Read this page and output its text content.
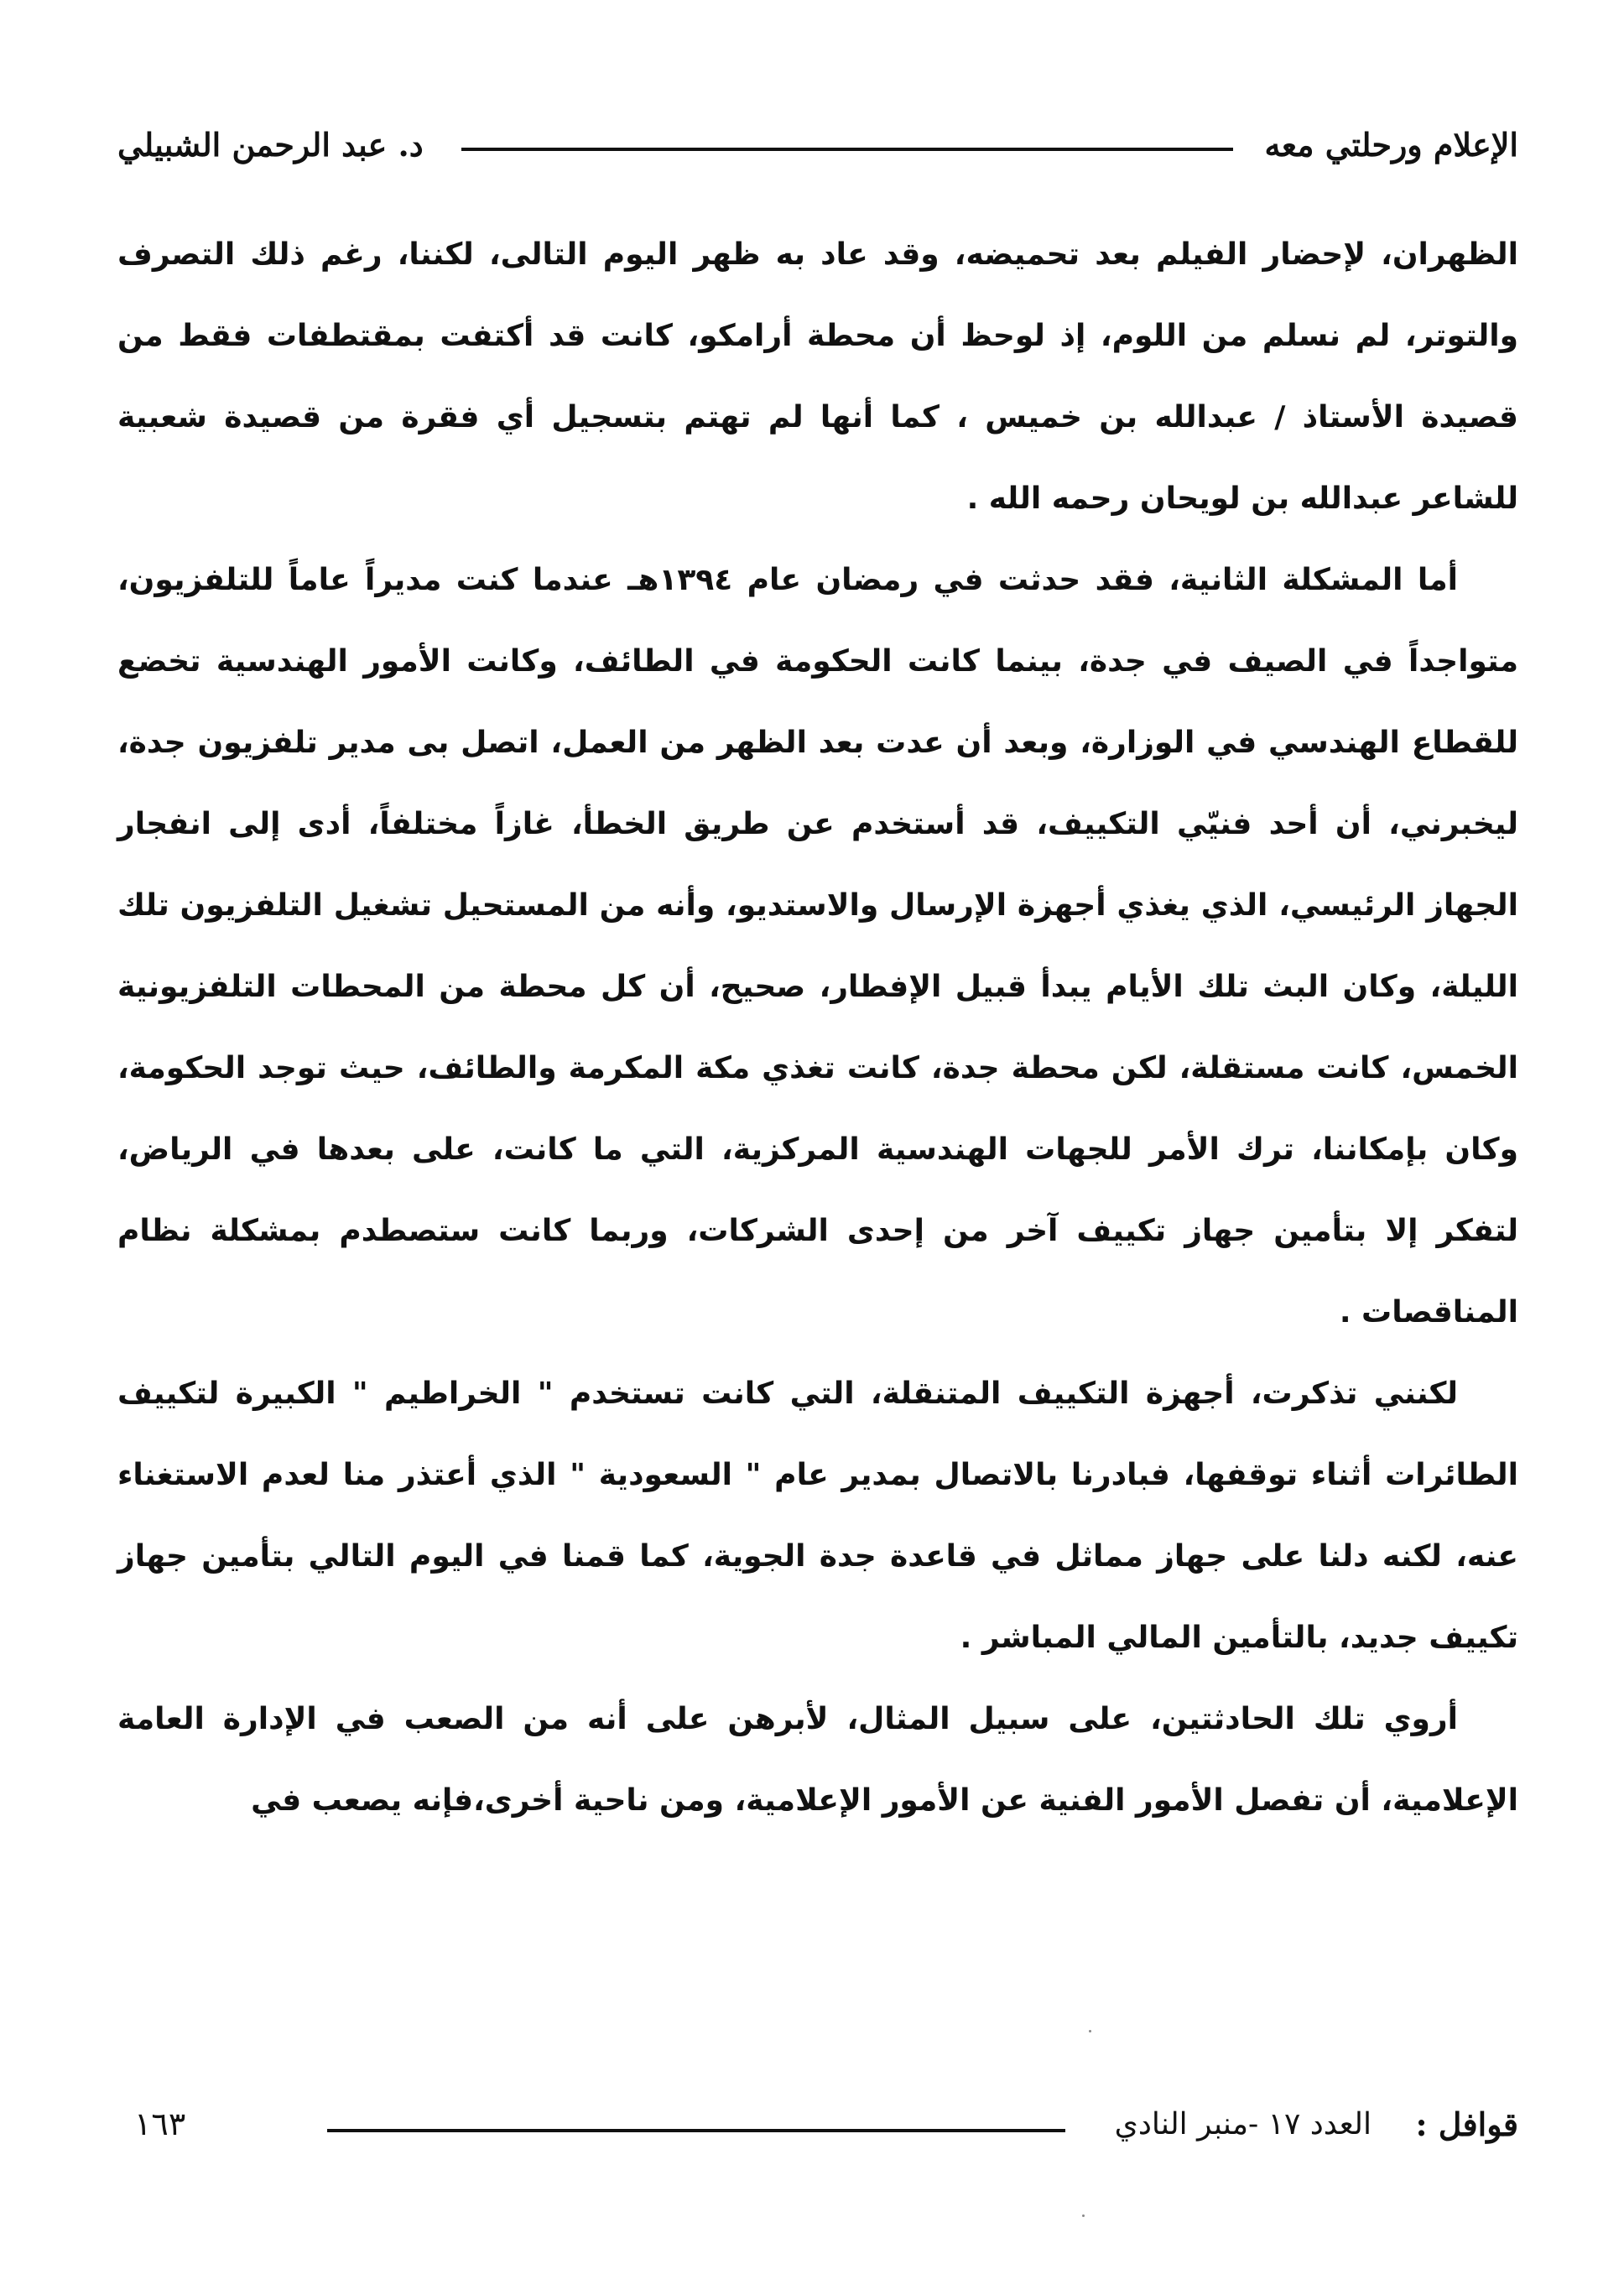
الإعلام ورحلتي معه
د. عبد الرحمن الشبيلي

الظهران، لإحضار الفيلم بعد تحميضه، وقد عاد به ظهر اليوم التالى، لكننا، رغم ذلك التصرف والتوتر، لم نسلم من اللوم، إذ لوحظ أن محطة أرامكو، كانت قد أكتفت بمقتطفات فقط من قصيدة الأستاذ / عبدالله بن خميس ، كما أنها لم تهتم بتسجيل أي فقرة من قصيدة شعبية للشاعر عبدالله بن لويحان رحمه الله .

أما المشكلة الثانية، فقد حدثت في رمضان عام ١٣٩٤هـ عندما كنت مديراً عاماً للتلفزيون، متواجداً في الصيف في جدة، بينما كانت الحكومة في الطائف، وكانت الأمور الهندسية تخضع للقطاع الهندسي في الوزارة، وبعد أن عدت بعد الظهر من العمل، اتصل بى مدير تلفزيون جدة، ليخبرني، أن أحد فنيّي التكييف، قد أستخدم عن طريق الخطأ، غازاً مختلفاً، أدى إلى انفجار الجهاز الرئيسي، الذي يغذي أجهزة الإرسال والاستديو، وأنه من المستحيل تشغيل التلفزيون تلك الليلة، وكان البث تلك الأيام يبدأ قبيل الإفطار، صحيح، أن كل محطة من المحطات التلفزيونية الخمس، كانت مستقلة، لكن محطة جدة، كانت تغذي مكة المكرمة والطائف، حيث توجد الحكومة، وكان بإمكاننا، ترك الأمر للجهات الهندسية المركزية، التي ما كانت، على بعدها في الرياض، لتفكر إلا بتأمين جهاز تكييف آخر من إحدى الشركات، وربما كانت ستصطدم بمشكلة نظام المناقصات .

لكنني تذكرت، أجهزة التكييف المتنقلة، التي كانت تستخدم " الخراطيم " الكبيرة لتكييف الطائرات أثناء توقفها، فبادرنا بالاتصال بمدير عام " السعودية " الذي أعتذر منا لعدم الاستغناء عنه، لكنه دلنا على جهاز مماثل في قاعدة جدة الجوية، كما قمنا في اليوم التالي بتأمين جهاز تكييف جديد، بالتأمين المالي المباشر .

أروي تلك الحادثتين، على سبيل المثال، لأبرهن على أنه من الصعب في الإدارة العامة الإعلامية، أن تفصل الأمور الفنية عن الأمور الإعلامية، ومن ناحية أخرى،فإنه يصعب في

قوافل :
العدد ١٧ -منبر النادي
١٦٣
